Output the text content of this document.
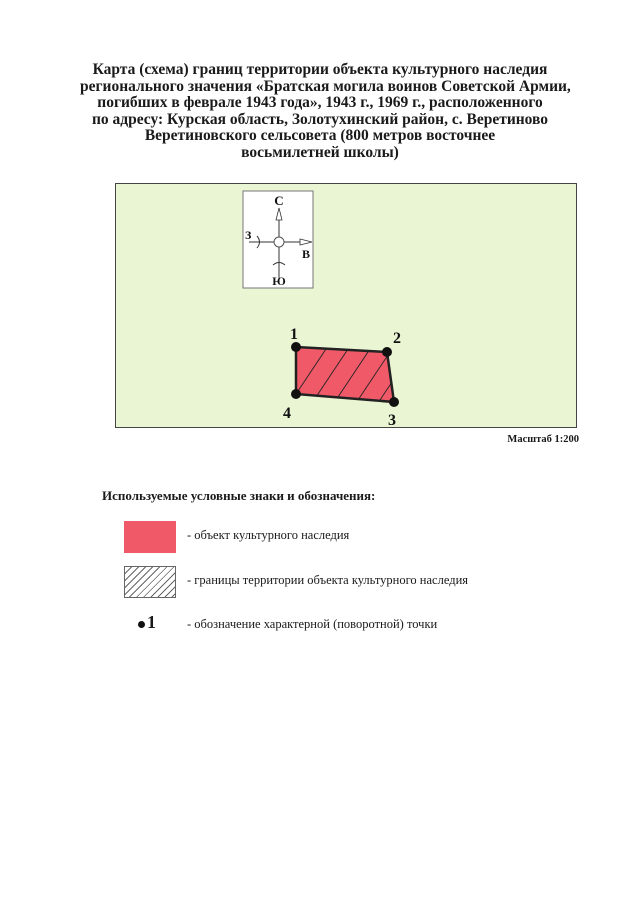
Карта (схема) границ территории объекта культурного наследия
регионального значения «Братская могила воинов Советской Армии,
погибших в феврале 1943 года», 1943 г., 1969 г., расположенного
по адресу: Курская область, Золотухинский район, с. Веретиново
Веретиновского сельсовета (800 метров восточнее
восьмилетней школы)
С
Ю
З
В
1	2
3
4
Масштаб 1:200
Используемые условные знаки и обозначения:
- объект культурного наследия
- границы территории объекта культурного наследия
1 - обозначение характерной (поворотной) точки
